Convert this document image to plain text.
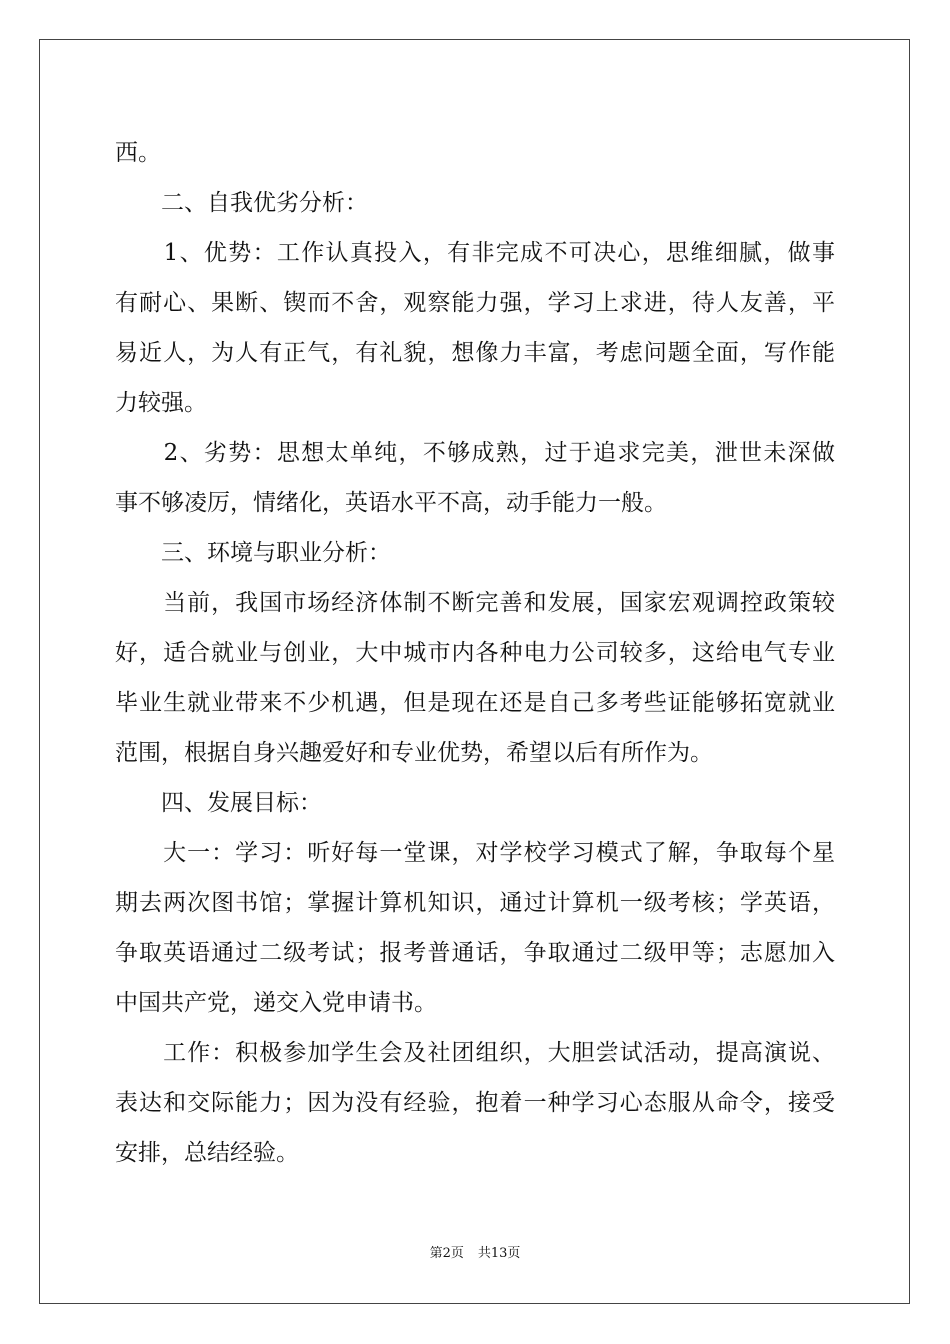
西。

　　二、自我优劣分析：

　　1、优势：工作认真投入，有非完成不可决心，思维细腻，做事

有耐心、果断、锲而不舍，观察能力强，学习上求进，待人友善，平

易近人，为人有正气，有礼貌，想像力丰富，考虑问题全面，写作能

力较强。

　　2、劣势：思想太单纯，不够成熟，过于追求完美，泄世未深做

事不够凌厉，情绪化，英语水平不高，动手能力一般。

　　三、环境与职业分析：

　　当前，我国市场经济体制不断完善和发展，国家宏观调控政策较

好，适合就业与创业，大中城市内各种电力公司较多，这给电气专业

毕业生就业带来不少机遇，但是现在还是自己多考些证能够拓宽就业

范围，根据自身兴趣爱好和专业优势，希望以后有所作为。

　　四、发展目标：

　　大一：学习：听好每一堂课，对学校学习模式了解，争取每个星

期去两次图书馆；掌握计算机知识，通过计算机一级考核；学英语，

争取英语通过二级考试；报考普通话，争取通过二级甲等；志愿加入

中国共产党，递交入党申请书。

　　工作：积极参加学生会及社团组织，大胆尝试活动，提高演说、

表达和交际能力；因为没有经验，抱着一种学习心态服从命令，接受

安排，总结经验。

第2页 共13页
